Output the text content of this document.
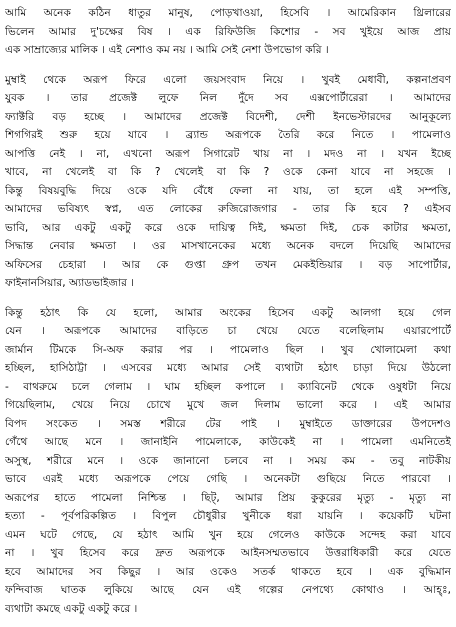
আমি অনেক কঠিন ধাতুর মানুষ, পোড়খাওয়া, হিসেবি । আমেরিকান থ্রিলারের
ভিলেন আমার দু'চক্ষের বিষ । এক রিফিউজি কিশোর - সব খুইয়ে আজ প্রায়
এক সাম্রাজ্যের মালিক । এই নেশাও কম নয় । আমি সেই নেশা উপভোগ করি ।
মুম্বাই থেকে অরূপ ফিরে এলো জয়সংবাদ নিয়ে । খুবই মেধাবী, কল্পনাপ্রবণ
যুবক । তার প্রজেক্ট লুফে নিল দুঁদে সব এক্সপোর্টারেরা । আমাদের
ফ্যাক্টরি বড় হচ্ছে । আমাদের প্রজেক্ট বিদেশী, দেশী ইনভেস্টারদের আনুকূল্যে
শিগগিরই শুরু হয়ে যাবে । ব্র্যান্ড অরূপকে তৈরি করে নিতে । পামেলাও
আপত্তি নেই । না, এখনো অরূপ সিগারেট খায় না । মদও না । যখন ইচ্ছে
খাবে, না খেলেই বা কি ? খেলেই বা কি ? ওকে কেনা যাবে না সহজে ।
কিন্তু বিষয়বুদ্ধি দিয়ে ওকে যদি বেঁধে ফেলা না যায়, তা হলে এই সম্পত্তি,
আমাদের ভবিষ্যৎ স্বপ্ন, এত লোকের রুজিরোজগার - তার কি হবে ? এইসব
ভাবি, আর একটু একটু করে ওকে দায়িত্ব দিই, ক্ষমতা দিই, চেক কাটার ক্ষমতা,
সিদ্ধান্ত নেবার ক্ষমতা । ওর মাসখানেকের মধ্যে অনেক বদলে দিয়েছি আমাদের
অফিসের চেহারা । আর কে গুপ্তা গ্রুপ তখন মেকইন্ডিয়ার । বড় সাপোর্টার,
ফাইনানসিয়ার, অ্যাডভাইজার ।
কিন্তু হঠাৎ কি যে হলো, আমার অংকের হিসেব একটু আলগা হয়ে গেল
যেন । অরূপকে আমাদের বাড়িতে চা খেয়ে যেতে বলেছিলাম এয়ারপোর্টে
জার্মান টিমকে সি-অফ করার পর । পামেলাও ছিল । খুব খোলামেলা কথা
হচ্ছিল, হাসিঠাট্টা । এসবের মধ্যে আমার সেই ব্যথাটা হঠাৎ চাড়া দিয়ে উঠলো
- বাথরুমে চলে গেলাম । ঘাম হচ্ছিল কপালে । ক্যাবিনেট থেকে ওষুধটা নিয়ে
গিয়েছিলাম, খেয়ে নিয়ে চোখে মুখে জল দিলাম ভালো করে । এই আমার
বিপদ সংকেত । সমস্ত শরীরে টের পাই । মুম্বাইতে ডাক্তারের উপদেশও
গেঁথে আছে মনে । জানাইনি পামেলাকে, কাউকেই না । পামেলা এমনিতেই
অসুস্থ, শরীরে মনে । ওকে জানানো চলবে না । সময় কম - তবু নাটকীয়
ভাবে এরই মধ্যে অরূপকে পেয়ে গেছি । অনেকটা গুছিয়ে নিতে পারবো ।
অরূপের হাতে পামেলা নিশ্চিন্ত । ছিট্, আমার প্রিয় কুকুরের মৃত্যু - মৃত্যু না
হত্যা - পূর্বপরিকল্পিত । বিপুল চৌধুরীর খুনীকে ধরা যায়নি । কয়েকটি ঘটনা
এমন ঘটে গেছে, যে হঠাৎ আমি খুন হয়ে গেলেও কাউকে সন্দেহ করা যাবে
না । খুব হিসেব করে দ্রুত অরূপকে আইনসম্মতভাবে উত্তরাধিকারী করে যেতে
হবে আমাদের সব কিছুর । আর ওকেও সতর্ক থাকতে হবে । এক বুদ্ধিমান
ফন্দিবাজ ঘাতক লুকিয়ে আছে যেন এই গল্পের নেপথ্যে কোথাও । আহ্ঃ,
ব্যথাটা কমছে একটু একটু করে ।
